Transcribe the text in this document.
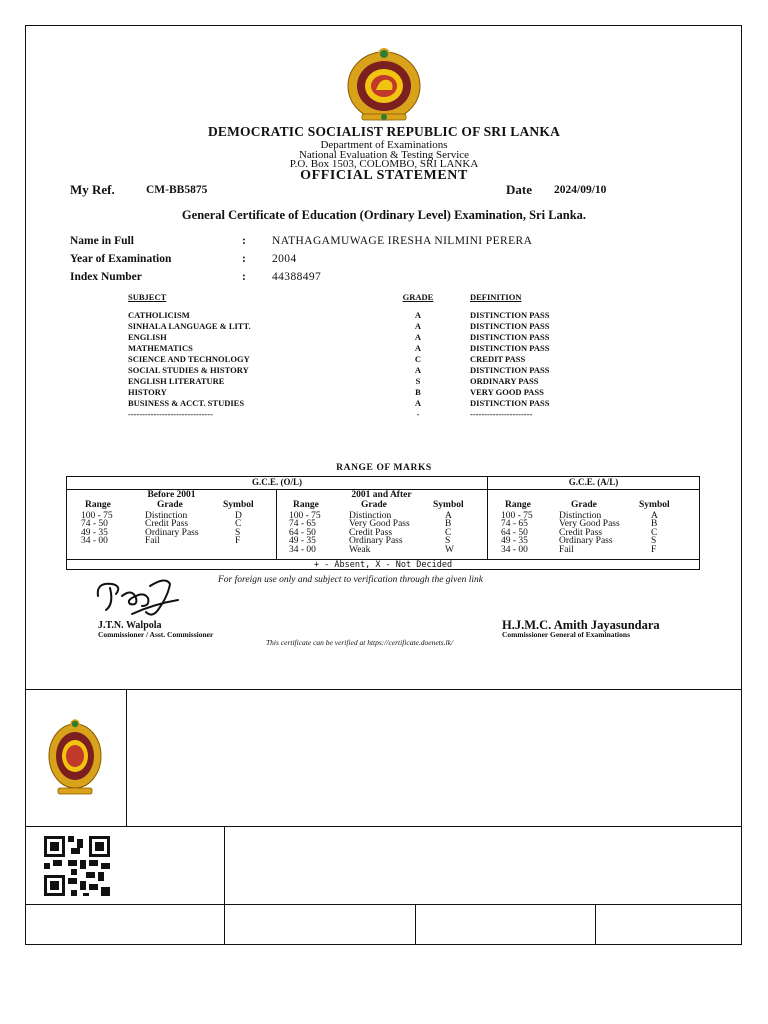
DEMOCRATIC SOCIALIST REPUBLIC OF SRI LANKA
Department of Examinations
National Evaluation & Testing Service
P.O. Box 1503, COLOMBO, SRI LANKA
OFFICIAL STATEMENT
My Ref.	CM-BB5875	Date 2024/09/10
General Certificate of Education (Ordinary Level) Examination, Sri Lanka.
Name in Full	: NATHAGAMUWAGE IRESHA NILMINI PERERA
Year of Examination	: 2004
Index Number	: 44388497
SUBJECT	GRADE	DEFINITION
CATHOLICISM	A	DISTINCTION PASS
SINHALA LANGUAGE & LITT.	A	DISTINCTION PASS
ENGLISH	A	DISTINCTION PASS
MATHEMATICS	A	DISTINCTION PASS
SCIENCE AND TECHNOLOGY	C	CREDIT PASS
SOCIAL STUDIES & HISTORY	A	DISTINCTION PASS
ENGLISH LITERATURE	S	ORDINARY PASS
HISTORY	B	VERY GOOD PASS
BUSINESS & ACCT. STUDIES	A	DISTINCTION PASS
------------------------------	-	----------------------
RANGE OF MARKS
G.C.E. (O/L)	G.C.E. (A/L)
Before 2001	2001 and After
Range	Grade	Symbol
100 - 75	Distinction	D
74 - 50	Credit Pass	C
49 - 35	Ordinary Pass	S
34 - 00	Fail	F
Range	Grade	Symbol
100 - 75	Distinction	A
74 - 65	Very Good Pass	B
64 - 50	Credit Pass	C
49 - 35	Ordinary Pass	S
34 - 00	Weak	W
Range	Grade	Symbol
100 - 75	Distinction	A
74 - 65	Very Good Pass	B
64 - 50	Credit Pass	C
49 - 35	Ordinary Pass	S
34 - 00	Fail	F
+ - Absent, X - Not Decided
For foreign use only and subject to verification through the given link
J.T.N. Walpola
Commissioner / Asst. Commissioner
H.J.M.C. Amith Jayasundara
Commissioner General of Examinations
This certificate can be verified at https://certificate.doenets.lk/
